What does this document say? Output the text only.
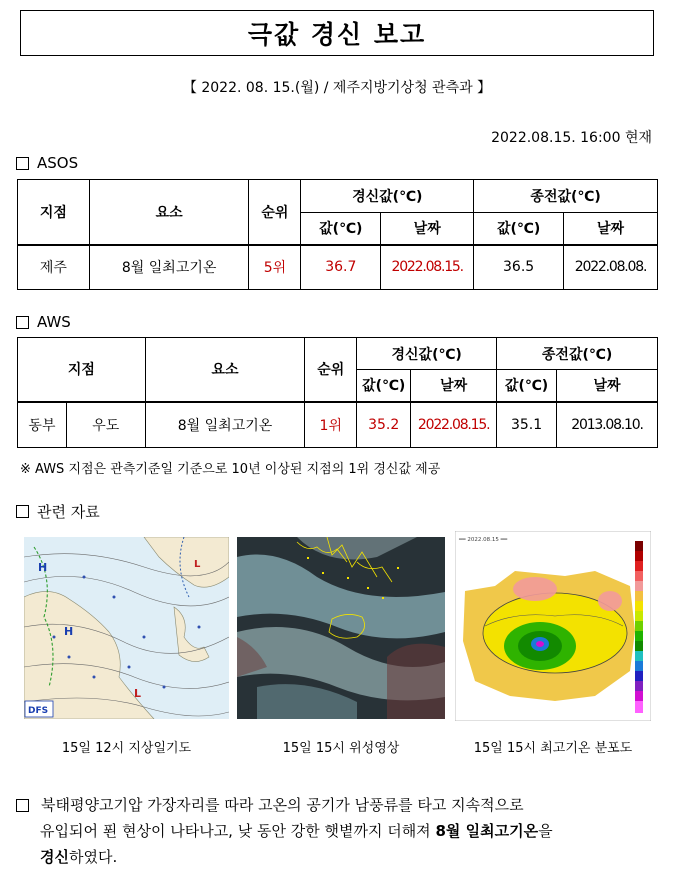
극값 경신 보고
【 2022. 08. 15.(월) / 제주지방기상청 관측과 】
2022.08.15. 16:00 현재
ASOS
지점	요소	순위	경신값(℃)		종전값(℃)	
			값(℃)	날짜	값(℃)	날짜
제주	8월 일최고기온	5위	36.7	2022.08.15.	36.5	2022.08.08.
AWS
지점		요소	순위	경신값(℃)		종전값(℃)	
				값(℃)	날짜	값(℃)	날짜
동부	우도	8월 일최고기온	1위	35.2	2022.08.15.	35.1	2013.08.10.
※ AWS 지점은 관측기준일 기준으로 10년 이상된 지점의 1위 경신값 제공
관련 자료
H
H
L
L
DFS
━━ 2022.08.15 ━━
15일 12시 지상일기도	15일 15시 위성영상	15일 15시 최고기온 분포도
북태평양고기압 가장자리를 따라 고온의 공기가 남풍류를 타고 지속적으로
유입되어 푄 현상이 나타나고, 낮 동안 강한 햇볕까지 더해져 8월 일최고기온을
경신하였다.
